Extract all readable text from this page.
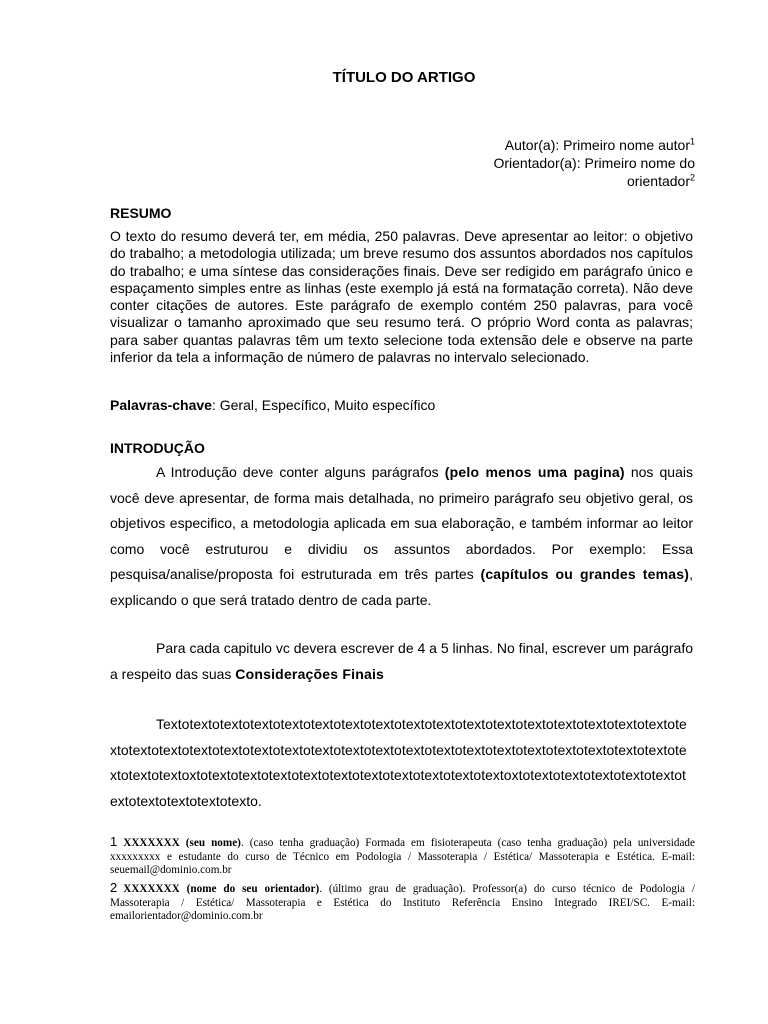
TÍTULO DO ARTIGO
Autor(a): Primeiro nome autor$^1$
Orientador(a): Primeiro nome do
orientador$^2$
RESUMO

O texto do resumo deverá ter, em média, 250 palavras. Deve apresentar ao leitor: o objetivo do trabalho; a metodologia utilizada; um breve resumo dos assuntos abordados nos capítulos do trabalho; e uma síntese das considerações finais. Deve ser redigido em parágrafo único e espaçamento simples entre as linhas (este exemplo já está na formatação correta). Não deve conter citações de autores. Este parágrafo de exemplo contém 250 palavras, para você visualizar o tamanho aproximado que seu resumo terá. O próprio Word conta as palavras; para saber quantas palavras têm um texto selecione toda extensão dele e observe na parte inferior da tela a informação de número de palavras no intervalo selecionado.

Palavras-chave: Geral, Específico, Muito específico

INTRODUÇÃO

A Introdução deve conter alguns parágrafos (pelo menos uma pagina) nos quais você deve apresentar, de forma mais detalhada, no primeiro parágrafo seu objetivo geral, os objetivos especifico, a metodologia aplicada em sua elaboração, e também informar ao leitor como você estruturou e dividiu os assuntos abordados. Por exemplo: Essa pesquisa/analise/proposta foi estruturada em três partes (capítulos ou grandes temas), explicando o que será tratado dentro de cada parte.

Para cada capitulo vc devera escrever de 4 a 5 linhas. No final, escrever um parágrafo a respeito das suas Considerações Finais

Textotextotextotextotextotextotextotextotextotextotextotextotextotextotextotextotextotextotextotextotextotextotextotextotextotextotextotextotextotextotextotextotextotextotextotextotextotextotextoxtotextotextotextotextotextotextotextotextotextotextoxtotextotextotextotextotextotextotextotextotextotexto.

1 XXXXXXX (seu nome). (caso tenha graduação) Formada em fisioterapeuta (caso tenha graduação) pela universidade xxxxxxxxx e estudante do curso de Técnico em Podologia / Massoterapia / Estética/ Massoterapia e Estética. E-mail: seuemail@dominio.com.br

2 XXXXXXX (nome do seu orientador). (último grau de graduação). Professor(a) do curso técnico de Podologia / Massoterapia / Estética/ Massoterapia e Estética do Instituto Referência Ensino Integrado IREI/SC. E-mail: emailorientador@dominio.com.br
